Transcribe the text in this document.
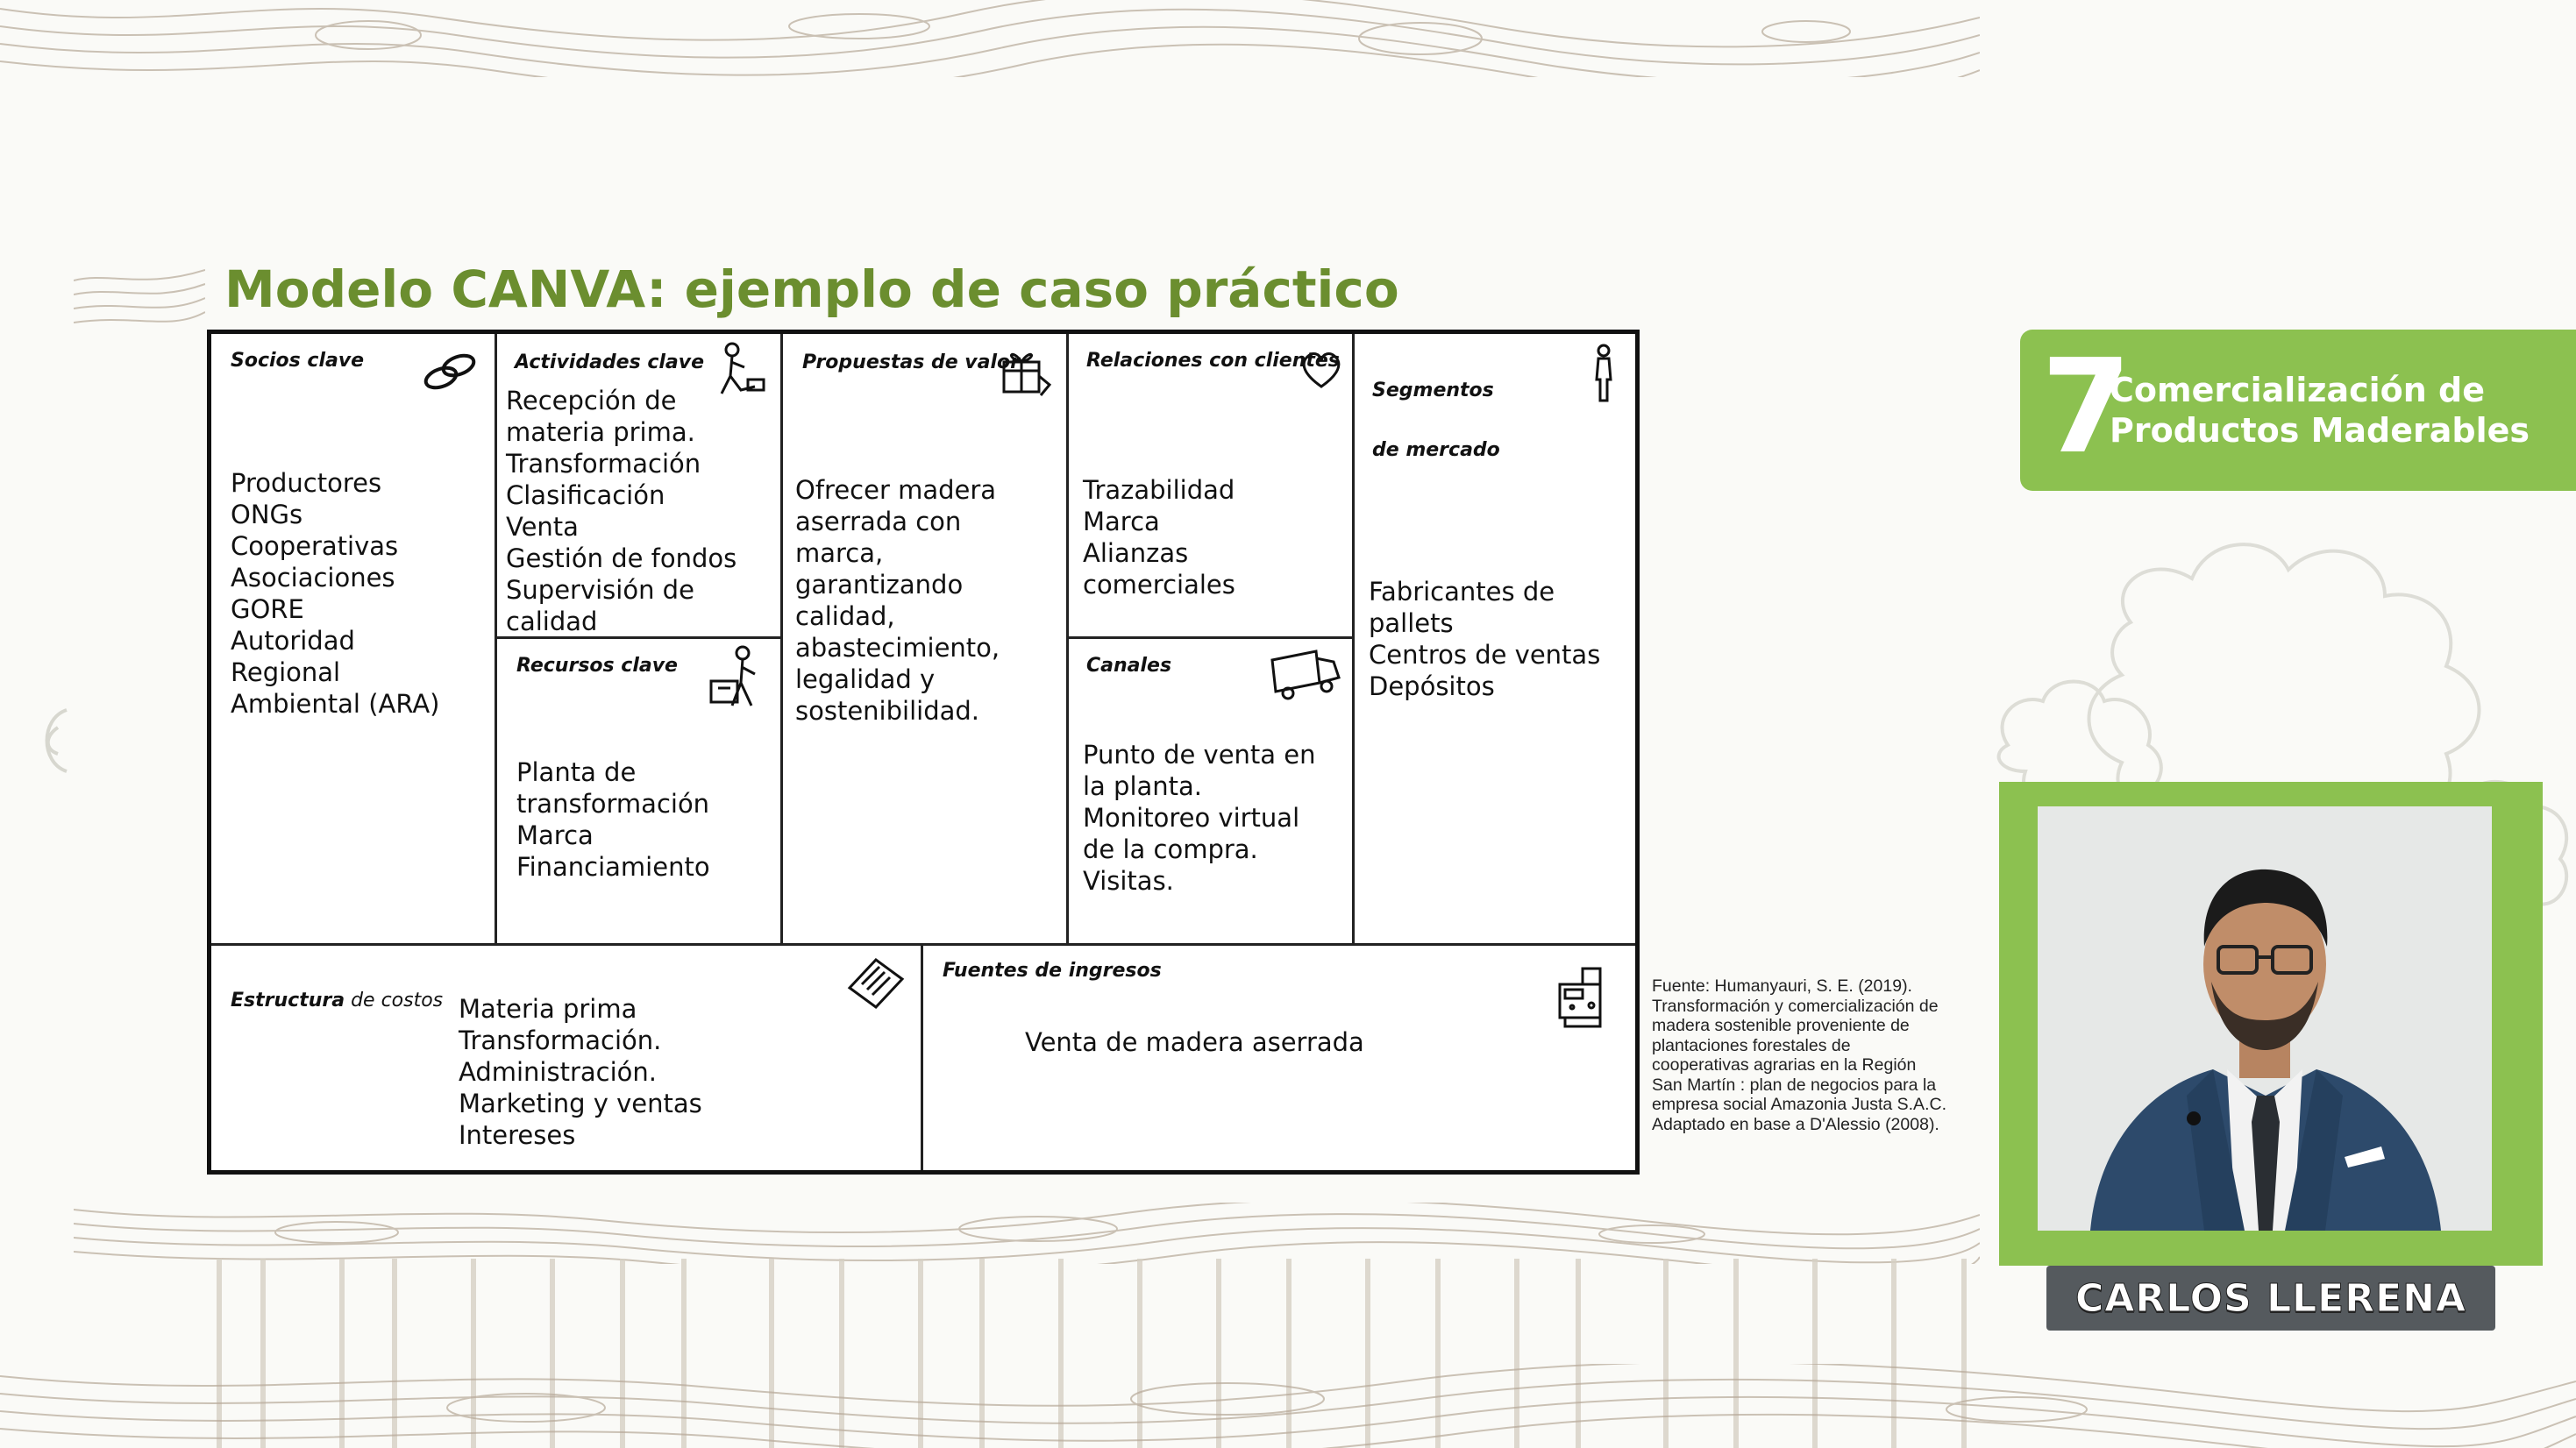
Modelo CANVA: ejemplo de caso práctico
Socios clave
Productores
ONGs
Cooperativas
Asociaciones
GORE
Autoridad
Regional
Ambiental (ARA)
Actividades clave
Recepción de
materia prima.
Transformación
Clasificación
Venta
Gestión de fondos
Supervisión de
calidad
Recursos clave
Planta de
transformación
Marca
Financiamiento
Propuestas de valor
Ofrecer madera
aserrada con
marca,
garantizando
calidad,
abastecimiento,
legalidad y
sostenibilidad.
Relaciones con clientes
Trazabilidad
Marca
Alianzas
comerciales
Canales
Punto de venta en
la planta.
Monitoreo virtual
de la compra.
Visitas.

Segmentos

de mercado

Fabricantes de
pallets
Centros de ventas
Depósitos

Estructura de costos Materia prima
Transformación.
Administración.
Marketing y ventas
Intereses
Fuentes de ingresos
Venta de madera aserrada
Fuente: Humanyauri, S. E. (2019). Transformación y comercialización de madera sostenible proveniente de plantaciones forestales de cooperativas agrarias en la Región San Martín : plan de negocios para la empresa social Amazonia Justa S.A.C. Adaptado en base a D'Alessio (2008).
7
Comercialización de
Productos Maderables
CARLOS LLERENA
